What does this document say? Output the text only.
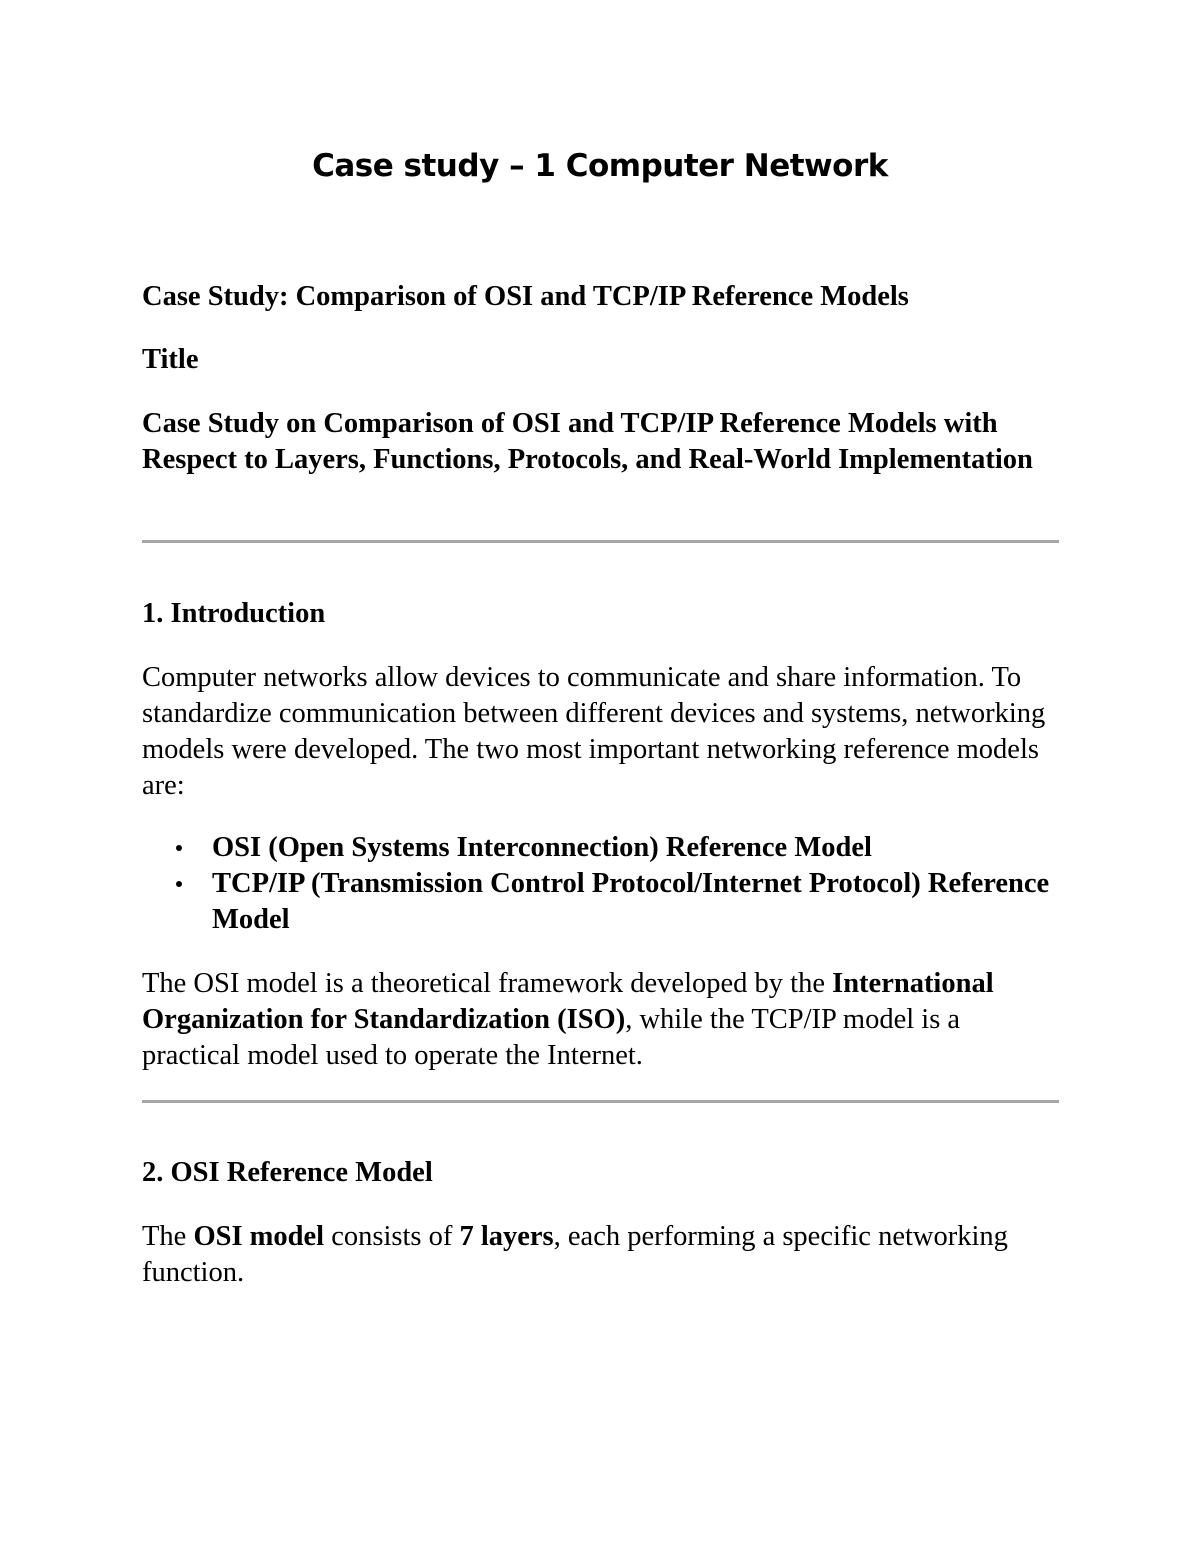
Case study – 1 Computer Network

Case Study: Comparison of OSI and TCP/IP Reference Models

Title

Case Study on Comparison of OSI and TCP/IP Reference Models with Respect to Layers, Functions, Protocols, and Real-World Implementation

1. Introduction

Computer networks allow devices to communicate and share information. To standardize communication between different devices and systems, networking models were developed. The two most important networking reference models are:

OSI (Open Systems Interconnection) Reference Model
TCP/IP (Transmission Control Protocol/Internet Protocol) Reference Model

The OSI model is a theoretical framework developed by the International Organization for Standardization (ISO), while the TCP/IP model is a practical model used to operate the Internet.

2. OSI Reference Model

The OSI model consists of 7 layers, each performing a specific networking function.
